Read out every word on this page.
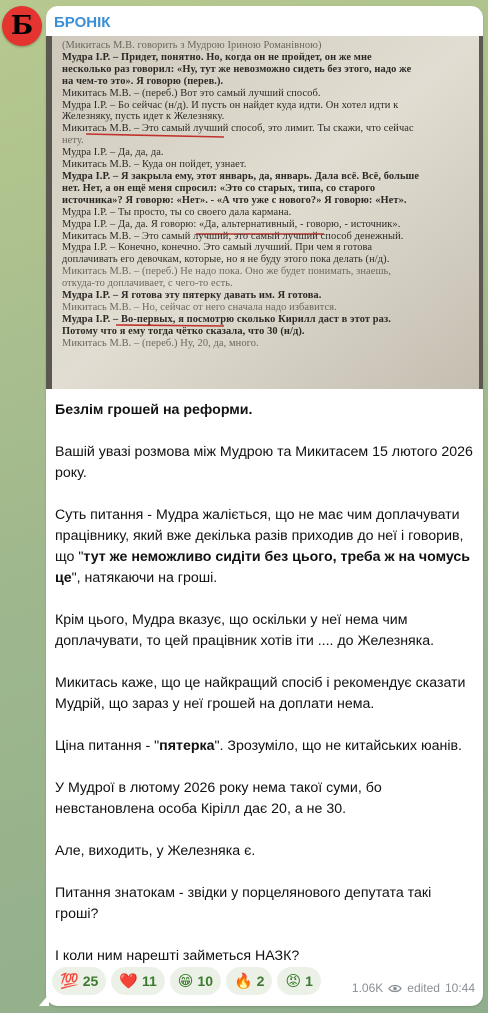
Б БРОНІК
(Микитась М.В. говорить з Мудрою Іриною Романівною)
Мудра І.Р. – Придет, понятно. Но, когда он не пройдет, он же мне
несколько раз говорил: «Ну, тут же невозможно сидеть без этого, надо же
на чем-то это». Я говорю (перев.).
Микитась М.В. – (переб.) Вот это самый лучший способ.
Мудра І.Р. – Бо сейчас (н/д). И пусть он найдет куда идти. Он хотел идти к
Железняку, пусть идет к Железняку.
Микитась М.В. – Это самый лучший способ, это лимит. Ты скажи, что сейчас
нету.
Мудра І.Р. – Да, да, да.
Микитась М.В. – Куда он пойдет, узнает.
Мудра І.Р. – Я закрыла ему, этот январь, да, январь. Дала всё. Всё, больше
нет. Нет, а он ещё меня спросил: «Это со старых, типа, со старого
источника»? Я говорю: «Нет». - «А что уже с нового?» Я говорю: «Нет».
Мудра І.Р. – Ты просто, ты со своего дала кармана.
Мудра І.Р. – Да, да. Я говорю: «Да, альтернативный, - говорю, - источник».
Микитась М.В. – Это самый лучший, это самый лучший способ денежный.
Мудра І.Р. – Конечно, конечно. Это самый лучший. При чем я готова
доплачивать его девочкам, которые, но я не буду этого пока делать (н/д).
Микитась М.В. – (переб.) Не надо пока. Оно же будет понимать, знаешь,
откуда-то доплачивает, с чего-то есть.
Мудра І.Р. – Я готова эту пятерку давать им. Я готова.
Микитась М.В. – Но, сейчас от него сначала надо избавится.
Мудра І.Р. – Во-первых, я посмотрю сколько Кирилл даст в этот раз.
Потому что я ему тогда чётко сказала, что 30 (н/д).
Микитась М.В. – (переб.) Ну, 20, да, много.

Безлім грошей на реформи.

Вашій увазі розмова між Мудрою та Микитасем 15 лютого 2026 року.

Суть питання - Мудра жаліється, що не має чим доплачувати працівнику, який вже декілька разів приходив до неї і говорив, що "тут же неможливо сидіти без цього, треба ж на чомусь це", натякаючи на гроші.

Крім цього, Мудра вказує, що оскільки у неї нема чим доплачувати, то цей працівник хотів іти .... до Железняка.

Микитась каже, що це найкращий спосіб і рекомендує сказати Мудрій, що зараз у неї грошей на доплати нема.

Ціна питання - "пятерка". Зрозуміло, що не китайських юанів.

У Мудрої в лютому 2026 року нема такої суми, бо невстановлена особа Кірілл дає 20, а не 30.

Але, виходить, у Железняка є.

Питання знатокам - звідки у порцелянового депутата такі гроші?

І коли ним нарешті займеться НАЗК?

💯 25 ❤️ 11 😁 10 🔥 2 😡 1	1.06K edited 10:44
